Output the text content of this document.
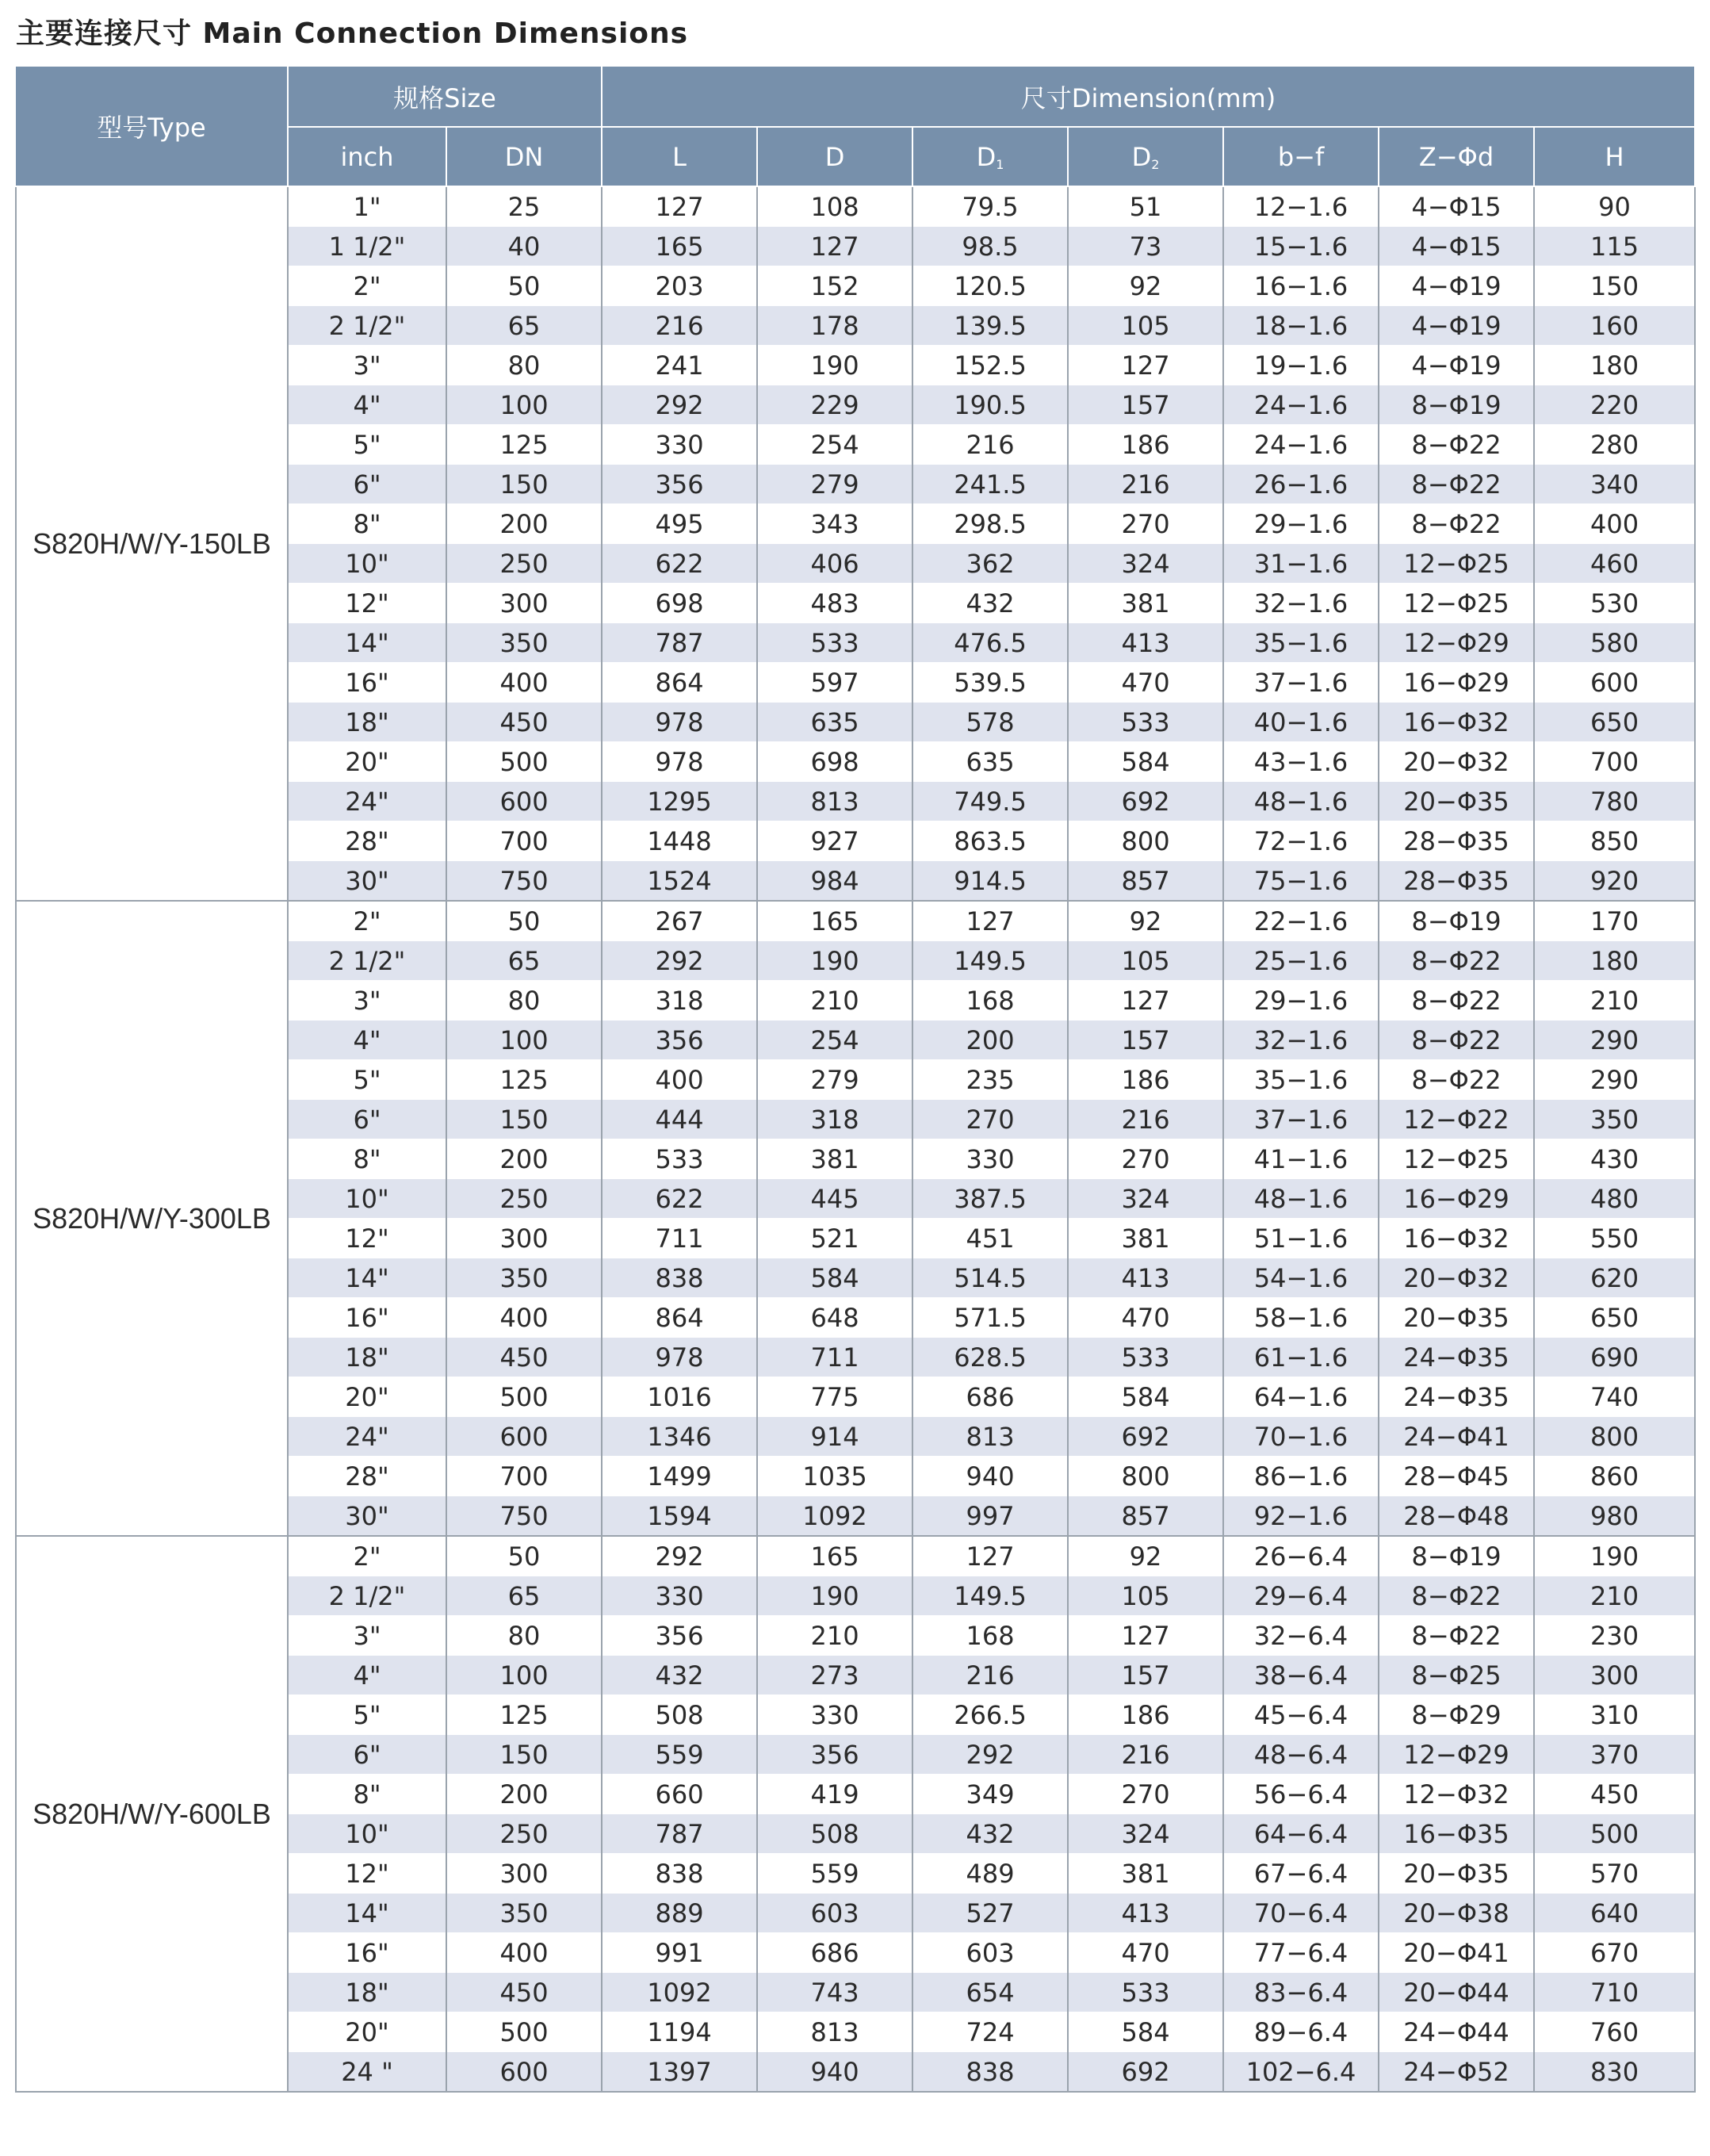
主要连接尺寸 Main Connection Dimensions
型号Type	规格Size		尺寸Dimension(mm)						
	inch	DN	L	D	$D_1$	$D_2$	b−f	Z−Φd	H
S820H/W/Y-150LB	1"	25	127	108	79.5	51	12−1.6	4−Φ15	90
	1 1/2"	40	165	127	98.5	73	15−1.6	4−Φ15	115
	2"	50	203	152	120.5	92	16−1.6	4−Φ19	150
	2 1/2"	65	216	178	139.5	105	18−1.6	4−Φ19	160
	3"	80	241	190	152.5	127	19−1.6	4−Φ19	180
	4"	100	292	229	190.5	157	24−1.6	8−Φ19	220
	5"	125	330	254	216	186	24−1.6	8−Φ22	280
	6"	150	356	279	241.5	216	26−1.6	8−Φ22	340
	8"	200	495	343	298.5	270	29−1.6	8−Φ22	400
	10"	250	622	406	362	324	31−1.6	12−Φ25	460
	12"	300	698	483	432	381	32−1.6	12−Φ25	530
	14"	350	787	533	476.5	413	35−1.6	12−Φ29	580
	16"	400	864	597	539.5	470	37−1.6	16−Φ29	600
	18"	450	978	635	578	533	40−1.6	16−Φ32	650
	20"	500	978	698	635	584	43−1.6	20−Φ32	700
	24"	600	1295	813	749.5	692	48−1.6	20−Φ35	780
	28"	700	1448	927	863.5	800	72−1.6	28−Φ35	850
	30"	750	1524	984	914.5	857	75−1.6	28−Φ35	920
S820H/W/Y-300LB	2"	50	267	165	127	92	22−1.6	8−Φ19	170
	2 1/2"	65	292	190	149.5	105	25−1.6	8−Φ22	180
	3"	80	318	210	168	127	29−1.6	8−Φ22	210
	4"	100	356	254	200	157	32−1.6	8−Φ22	290
	5"	125	400	279	235	186	35−1.6	8−Φ22	290
	6"	150	444	318	270	216	37−1.6	12−Φ22	350
	8"	200	533	381	330	270	41−1.6	12−Φ25	430
	10"	250	622	445	387.5	324	48−1.6	16−Φ29	480
	12"	300	711	521	451	381	51−1.6	16−Φ32	550
	14"	350	838	584	514.5	413	54−1.6	20−Φ32	620
	16"	400	864	648	571.5	470	58−1.6	20−Φ35	650
	18"	450	978	711	628.5	533	61−1.6	24−Φ35	690
	20"	500	1016	775	686	584	64−1.6	24−Φ35	740
	24"	600	1346	914	813	692	70−1.6	24−Φ41	800
	28"	700	1499	1035	940	800	86−1.6	28−Φ45	860
	30"	750	1594	1092	997	857	92−1.6	28−Φ48	980
S820H/W/Y-600LB	2"	50	292	165	127	92	26−6.4	8−Φ19	190
	2 1/2"	65	330	190	149.5	105	29−6.4	8−Φ22	210
	3"	80	356	210	168	127	32−6.4	8−Φ22	230
	4"	100	432	273	216	157	38−6.4	8−Φ25	300
	5"	125	508	330	266.5	186	45−6.4	8−Φ29	310
	6"	150	559	356	292	216	48−6.4	12−Φ29	370
	8"	200	660	419	349	270	56−6.4	12−Φ32	450
	10"	250	787	508	432	324	64−6.4	16−Φ35	500
	12"	300	838	559	489	381	67−6.4	20−Φ35	570
	14"	350	889	603	527	413	70−6.4	20−Φ38	640
	16"	400	991	686	603	470	77−6.4	20−Φ41	670
	18"	450	1092	743	654	533	83−6.4	20−Φ44	710
	20"	500	1194	813	724	584	89−6.4	24−Φ44	760
	24 "	600	1397	940	838	692	102−6.4	24−Φ52	830
